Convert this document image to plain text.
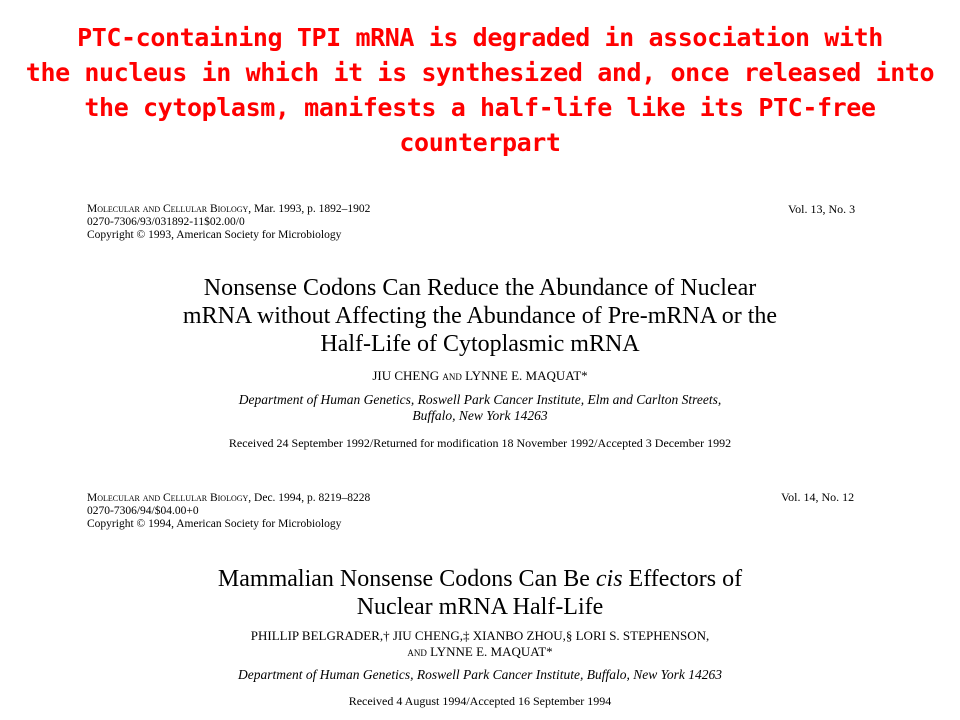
PTC-containing TPI mRNA is degraded in association with
the nucleus in which it is synthesized and, once released into
the cytoplasm, manifests a half-life like its PTC-free
counterpart
Molecular and Cellular Biology, Mar. 1993, p. 1892–1902
0270-7306/93/031892-11$02.00/0
Copyright © 1993, American Society for Microbiology
Vol. 13, No. 3
Nonsense Codons Can Reduce the Abundance of Nuclear
mRNA without Affecting the Abundance of Pre-mRNA or the
Half-Life of Cytoplasmic mRNA
JIU CHENG and LYNNE E. MAQUAT*
Department of Human Genetics, Roswell Park Cancer Institute, Elm and Carlton Streets,
Buffalo, New York 14263
Received 24 September 1992/Returned for modification 18 November 1992/Accepted 3 December 1992
Molecular and Cellular Biology, Dec. 1994, p. 8219–8228
0270-7306/94/$04.00+0
Copyright © 1994, American Society for Microbiology
Vol. 14, No. 12
Mammalian Nonsense Codons Can Be cis Effectors of
Nuclear mRNA Half-Life
PHILLIP BELGRADER,† JIU CHENG,‡ XIANBO ZHOU,§ LORI S. STEPHENSON,
and LYNNE E. MAQUAT*
Department of Human Genetics, Roswell Park Cancer Institute, Buffalo, New York 14263
Received 4 August 1994/Accepted 16 September 1994
